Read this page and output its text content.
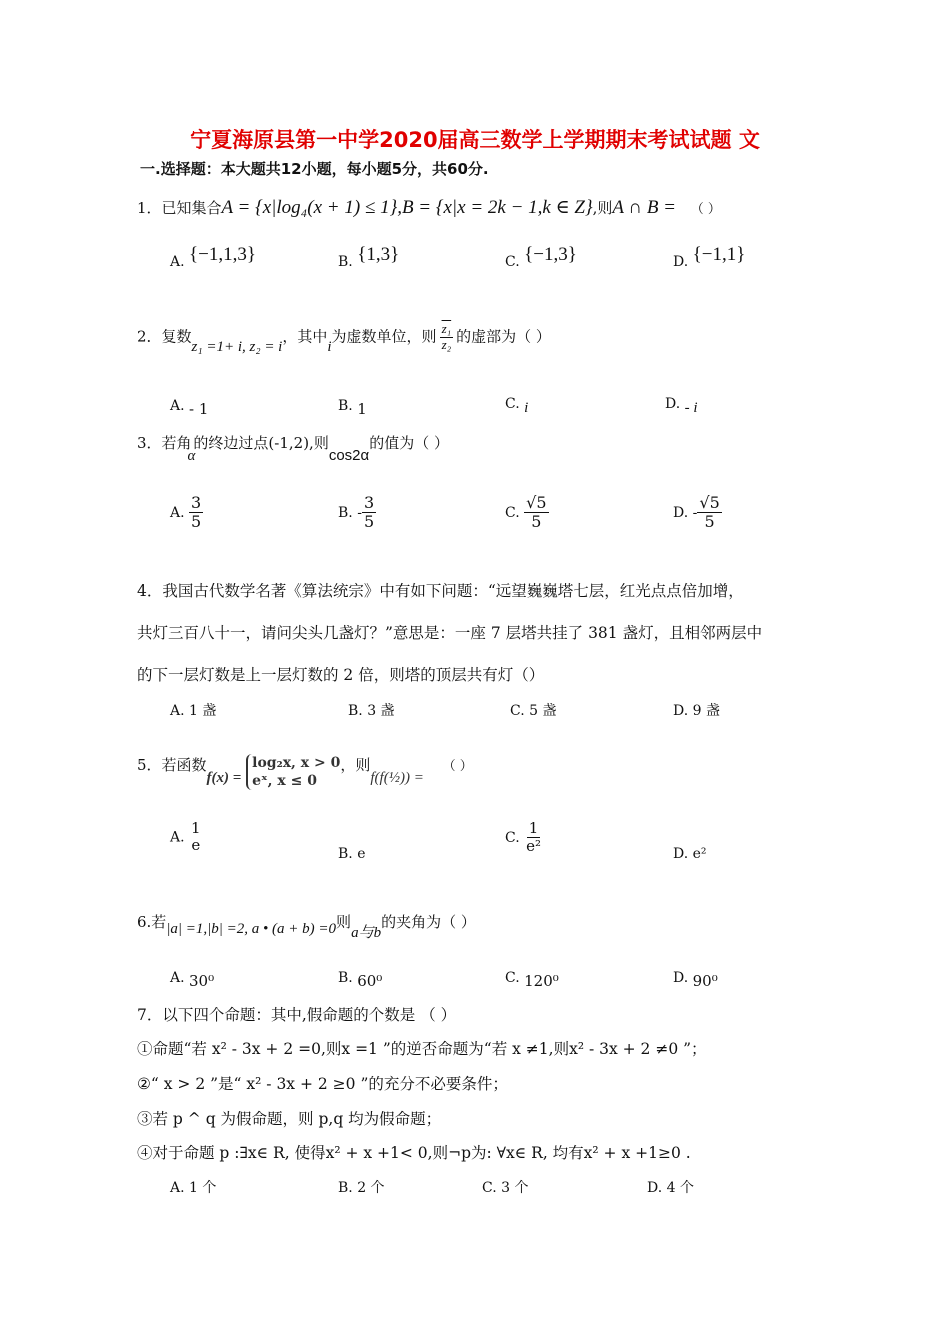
宁夏海原县第一中学2020届高三数学上学期期末考试试题 文
一.选择题：本大题共12小题，每小题5分，共60分.
1．已知集合A = {x|log₄(x + 1) ≤ 1},B = {x|x = 2k − 1,k ∈ Z},则A ∩ B = （ ）
A. {−1,1,3}	B. {1,3}	C. {−1,3}	D. {−1,1}
2．复数z₁ =1+ i, z₂ = i，其中i为虚数单位，则 $\frac{\text{z₁}}{\text{z₂}}$ 的虚部为（ ）
A. - 1	B. 1	C. i	D. - i
3．若角α的终边过点(-1,2),则cos2α的值为（ ）
A. $\frac{3}{5}$	B. - $\frac{3}{5}$	C. $\frac{√5}{5}$	D. - $\frac{√5}{5}$
4．我国古代数学名著《算法统宗》中有如下问题：“远望巍巍塔七层，红光点点倍加增，
共灯三百八十一，请问尖头几盏灯？”意思是：一座 7 层塔共挂了 381 盏灯，且相邻两层中
的下一层灯数是上一层灯数的 2 倍，则塔的顶层共有灯（）
A. 1 盏	B. 3 盏	C. 5 盏	D. 9 盏
5．若函数f(x) =
log₂x, x > 0
eˣ, x ≤ 0
，则f(f(½)) = （ ）
A.
1
e	B. e
C. $\frac{1}{\text{e²}}$	D. e²
6.若|a| =1,|b| =2, a • (a + b) =0则a与b的夹角为（ ）
A. 30⁰	B. 60⁰	C. 120⁰	D. 90⁰
7．以下四个命题：其中,假命题的个数是 （ ）
①命题“若 x² - 3x + 2 =0,则x =1 ”的逆否命题为“若 x ≠1,则x² - 3x + 2 ≠0 ”；
②“ x > 2 ”是“ x² - 3x + 2 ≥0 ”的充分不必要条件；
③若 p ^ q 为假命题，则 p,q 均为假命题；
④对于命题 p :∃x∈ R, 使得x² + x +1< 0,则¬p为: ∀x∈ R, 均有x² + x +1≥0 .
A. 1 个	B. 2 个	C. 3 个	D. 4 个
